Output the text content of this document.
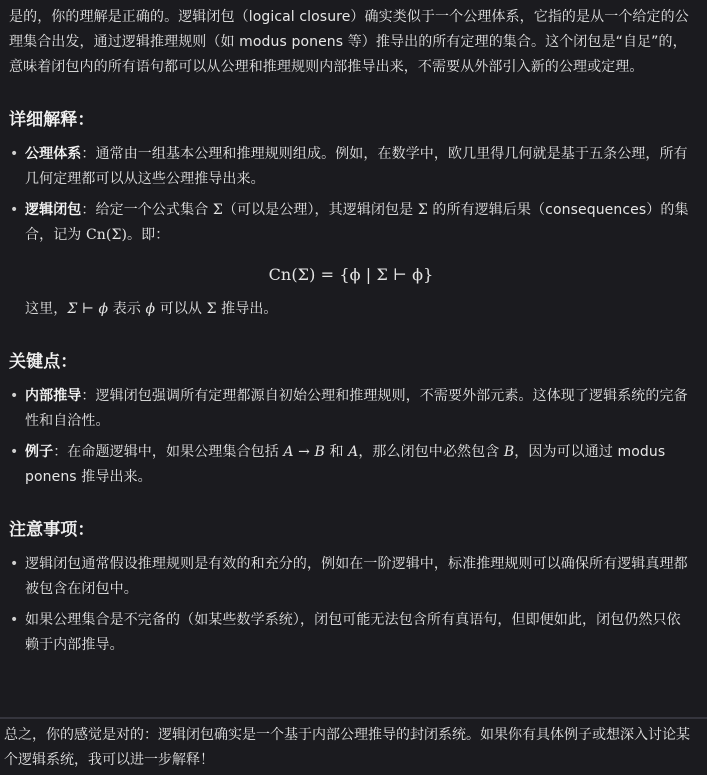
是的，你的理解是正确的。逻辑闭包（logical closure）确实类似于一个公理体系，它指的是从一个给定的公理集合出发，通过逻辑推理规则（如 modus ponens 等）推导出的所有定理的集合。这个闭包是“自足”的，意味着闭包内的所有语句都可以从公理和推理规则内部推导出来，不需要从外部引入新的公理或定理。

详细解释：
• 公理体系：通常由一组基本公理和推理规则组成。例如，在数学中，欧几里得几何就是基于五条公理，所有几何定理都可以从这些公理推导出来。
• 逻辑闭包：给定一个公式集合 Σ（可以是公理），其逻辑闭包是 Σ 的所有逻辑后果（consequences）的集合，记为 Cn(Σ)。即：
Cn(Σ) = {ϕ | Σ ⊢ ϕ}

这里，Σ ⊢ ϕ 表示 ϕ 可以从 Σ 推导出。

关键点：
• 内部推导：逻辑闭包强调所有定理都源自初始公理和推理规则，不需要外部元素。这体现了逻辑系统的完备性和自洽性。
• 例子：在命题逻辑中，如果公理集合包括 A → B 和 A，那么闭包中必然包含 B，因为可以通过 modus ponens 推导出来。
注意事项：
• 逻辑闭包通常假设推理规则是有效的和充分的，例如在一阶逻辑中，标准推理规则可以确保所有逻辑真理都被包含在闭包中。
• 如果公理集合是不完备的（如某些数学系统），闭包可能无法包含所有真语句，但即便如此，闭包仍然只依赖于内部推导。

总之，你的感觉是对的：逻辑闭包确实是一个基于内部公理推导的封闭系统。如果你有具体例子或想深入讨论某个逻辑系统，我可以进一步解释！
